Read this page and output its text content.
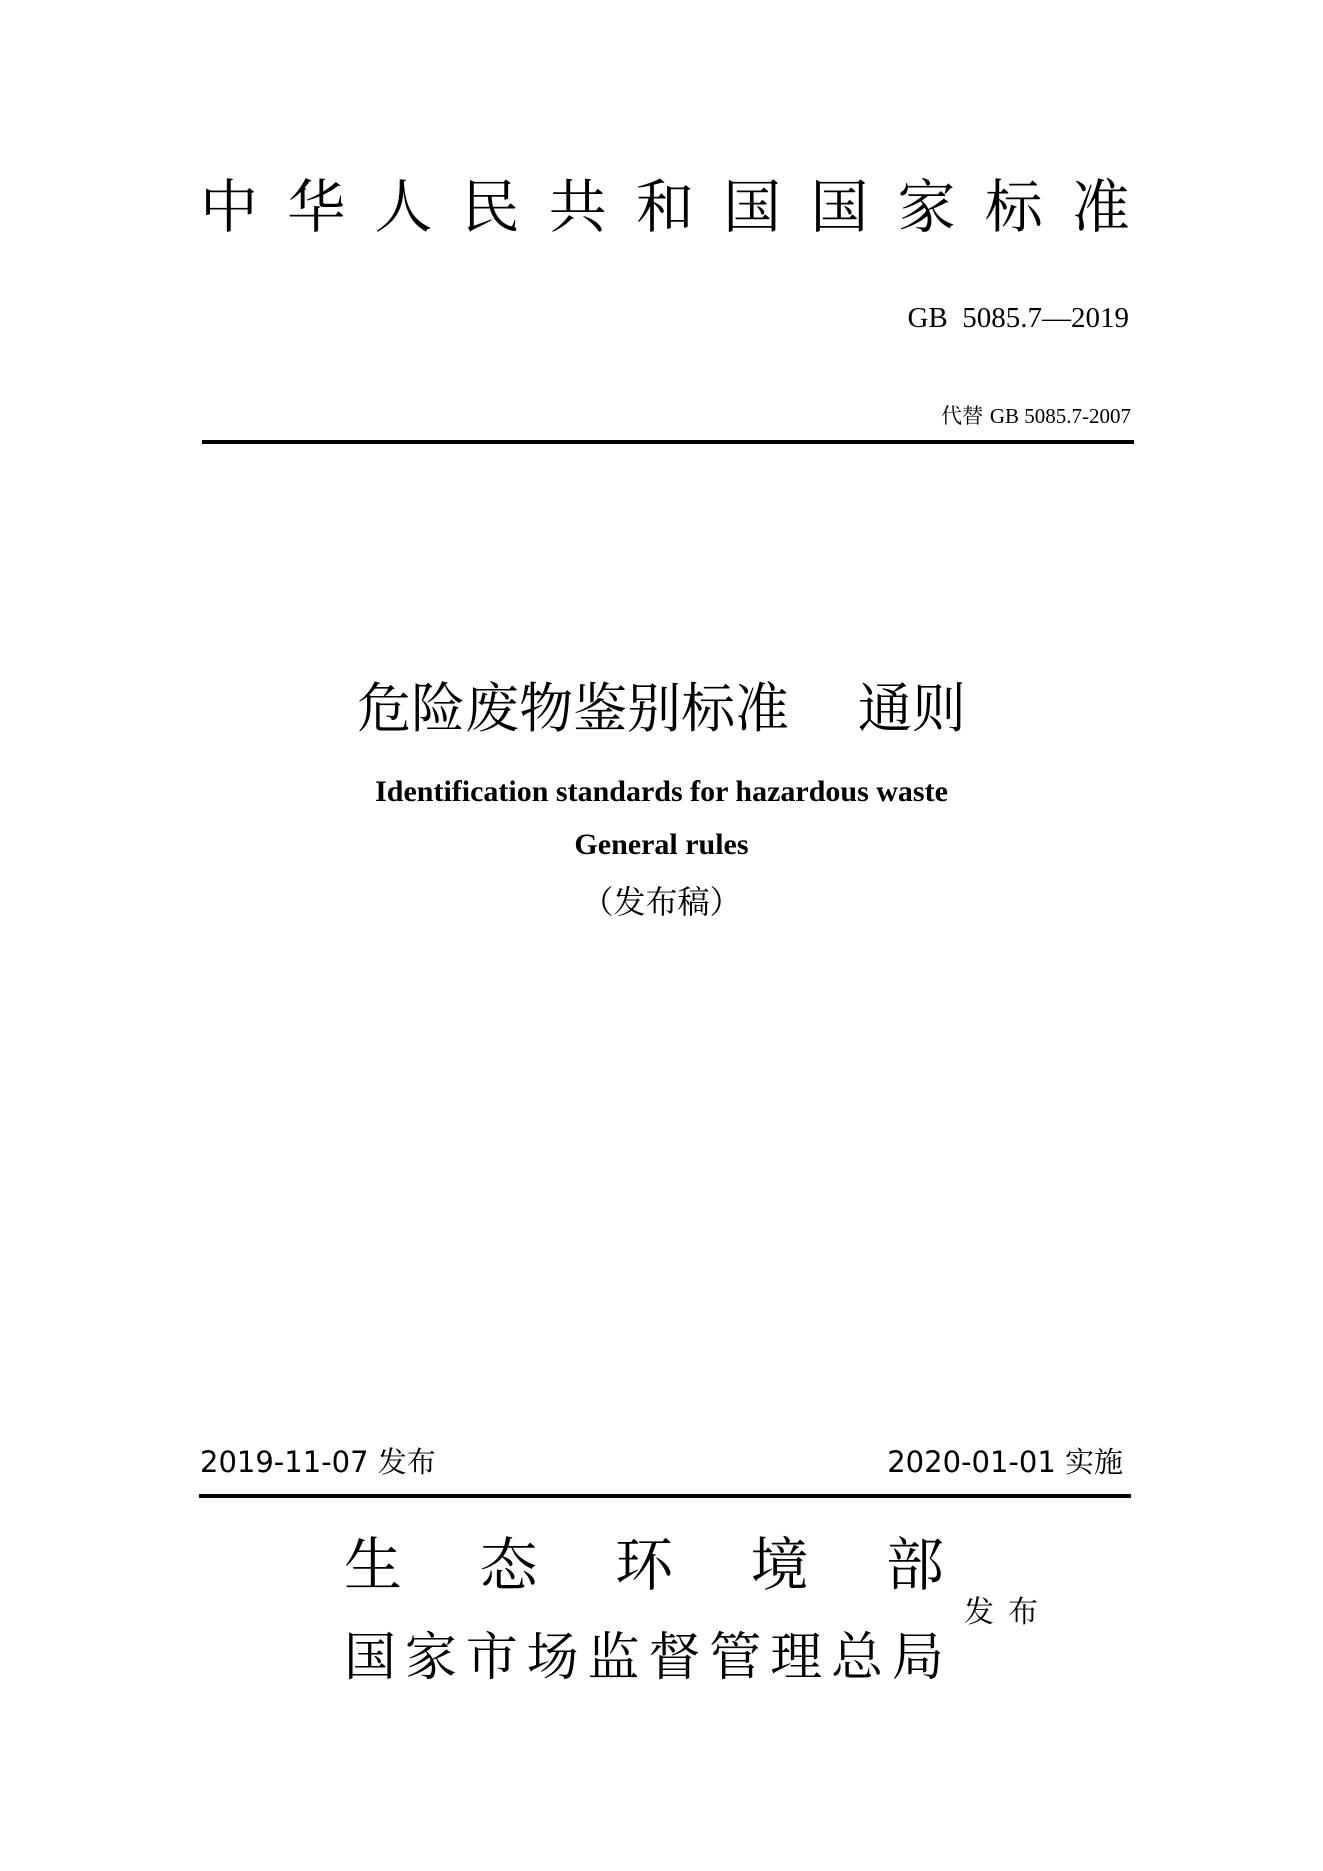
中 华 人 民 共 和 国 国 家 标 准
GB  5085.7—2019

代替 GB 5085.7-2007

危险废物鉴别标准    通则
Identification standards for hazardous waste
General rules
（发布稿）
2019-11-07 发布	2020-01-01 实施
生 态 环 境 部
国 家 市 场 监 督 管 理 总 局
发布
